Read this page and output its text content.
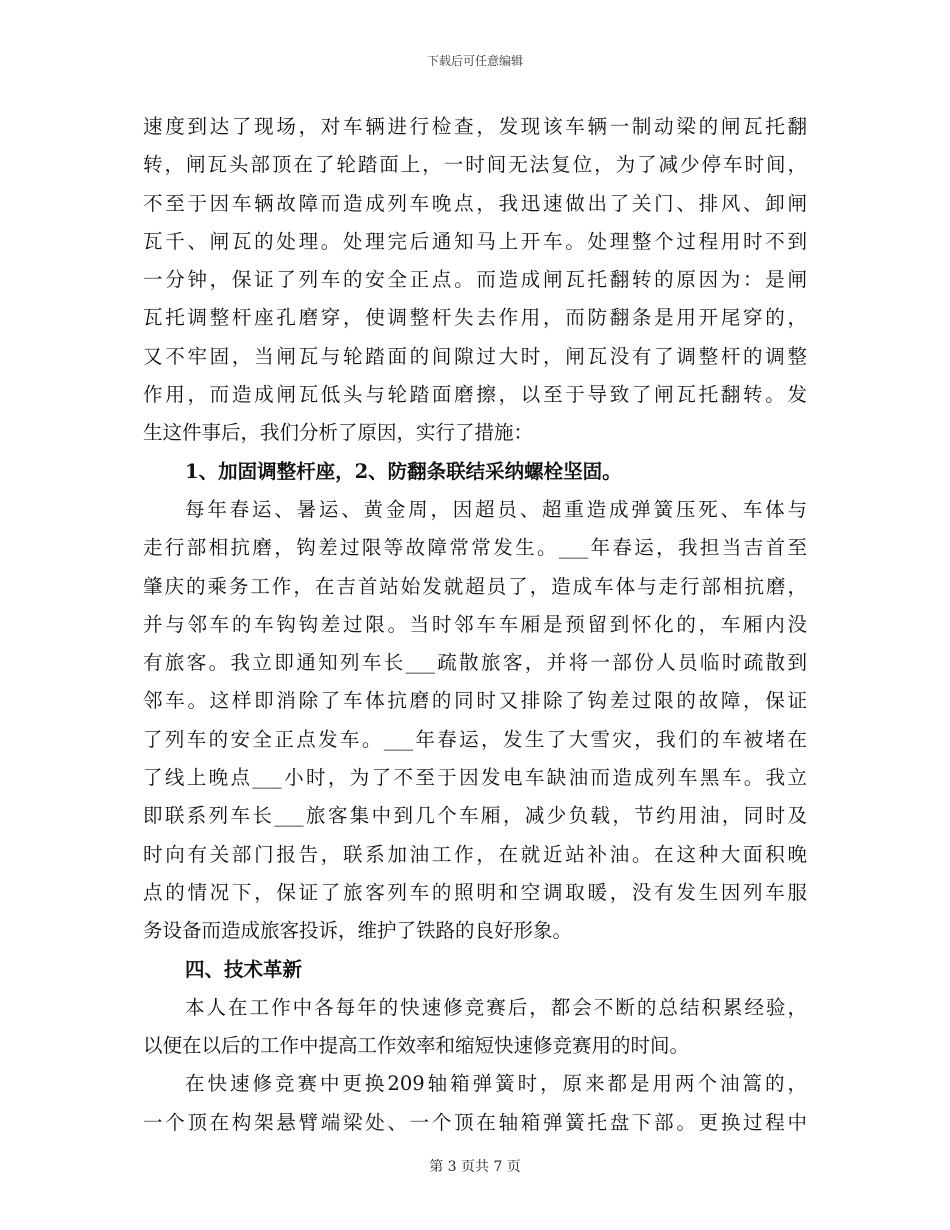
下载后可任意编辑
速度到达了现场，对车辆进行检查，发现该车辆一制动梁的闸瓦托翻
转，闸瓦头部顶在了轮踏面上，一时间无法复位，为了减少停车时间，
不至于因车辆故障而造成列车晚点，我迅速做出了关门、排风、卸闸
瓦千、闸瓦的处理。处理完后通知马上开车。处理整个过程用时不到
一分钟，保证了列车的安全正点。而造成闸瓦托翻转的原因为：是闸
瓦托调整杆座孔磨穿，使调整杆失去作用，而防翻条是用开尾穿的，
又不牢固，当闸瓦与轮踏面的间隙过大时，闸瓦没有了调整杆的调整
作用，而造成闸瓦低头与轮踏面磨擦，以至于导致了闸瓦托翻转。发
生这件事后，我们分析了原因，实行了措施：
1、加固调整杆座，2、防翻条联结采纳螺栓坚固。
每年春运、暑运、黄金周，因超员、超重造成弹簧压死、车体与
走行部相抗磨，钩差过限等故障常常发生。___年春运，我担当吉首至
肇庆的乘务工作，在吉首站始发就超员了，造成车体与走行部相抗磨，
并与邻车的车钩钩差过限。当时邻车车厢是预留到怀化的，车厢内没
有旅客。我立即通知列车长___疏散旅客，并将一部份人员临时疏散到
邻车。这样即消除了车体抗磨的同时又排除了钩差过限的故障，保证
了列车的安全正点发车。___年春运，发生了大雪灾，我们的车被堵在
了线上晚点___小时，为了不至于因发电车缺油而造成列车黑车。我立
即联系列车长___旅客集中到几个车厢，减少负载，节约用油，同时及
时向有关部门报告，联系加油工作，在就近站补油。在这种大面积晚
点的情况下，保证了旅客列车的照明和空调取暖，没有发生因列车服
务设备而造成旅客投诉，维护了铁路的良好形象。
四、技术革新
本人在工作中各每年的快速修竞赛后，都会不断的总结积累经验，
以便在以后的工作中提高工作效率和缩短快速修竞赛用的时间。
在快速修竞赛中更换209轴箱弹簧时，原来都是用两个油篙的，
一个顶在构架悬臂端梁处、一个顶在轴箱弹簧托盘下部。更换过程中
第 3 页共 7 页
